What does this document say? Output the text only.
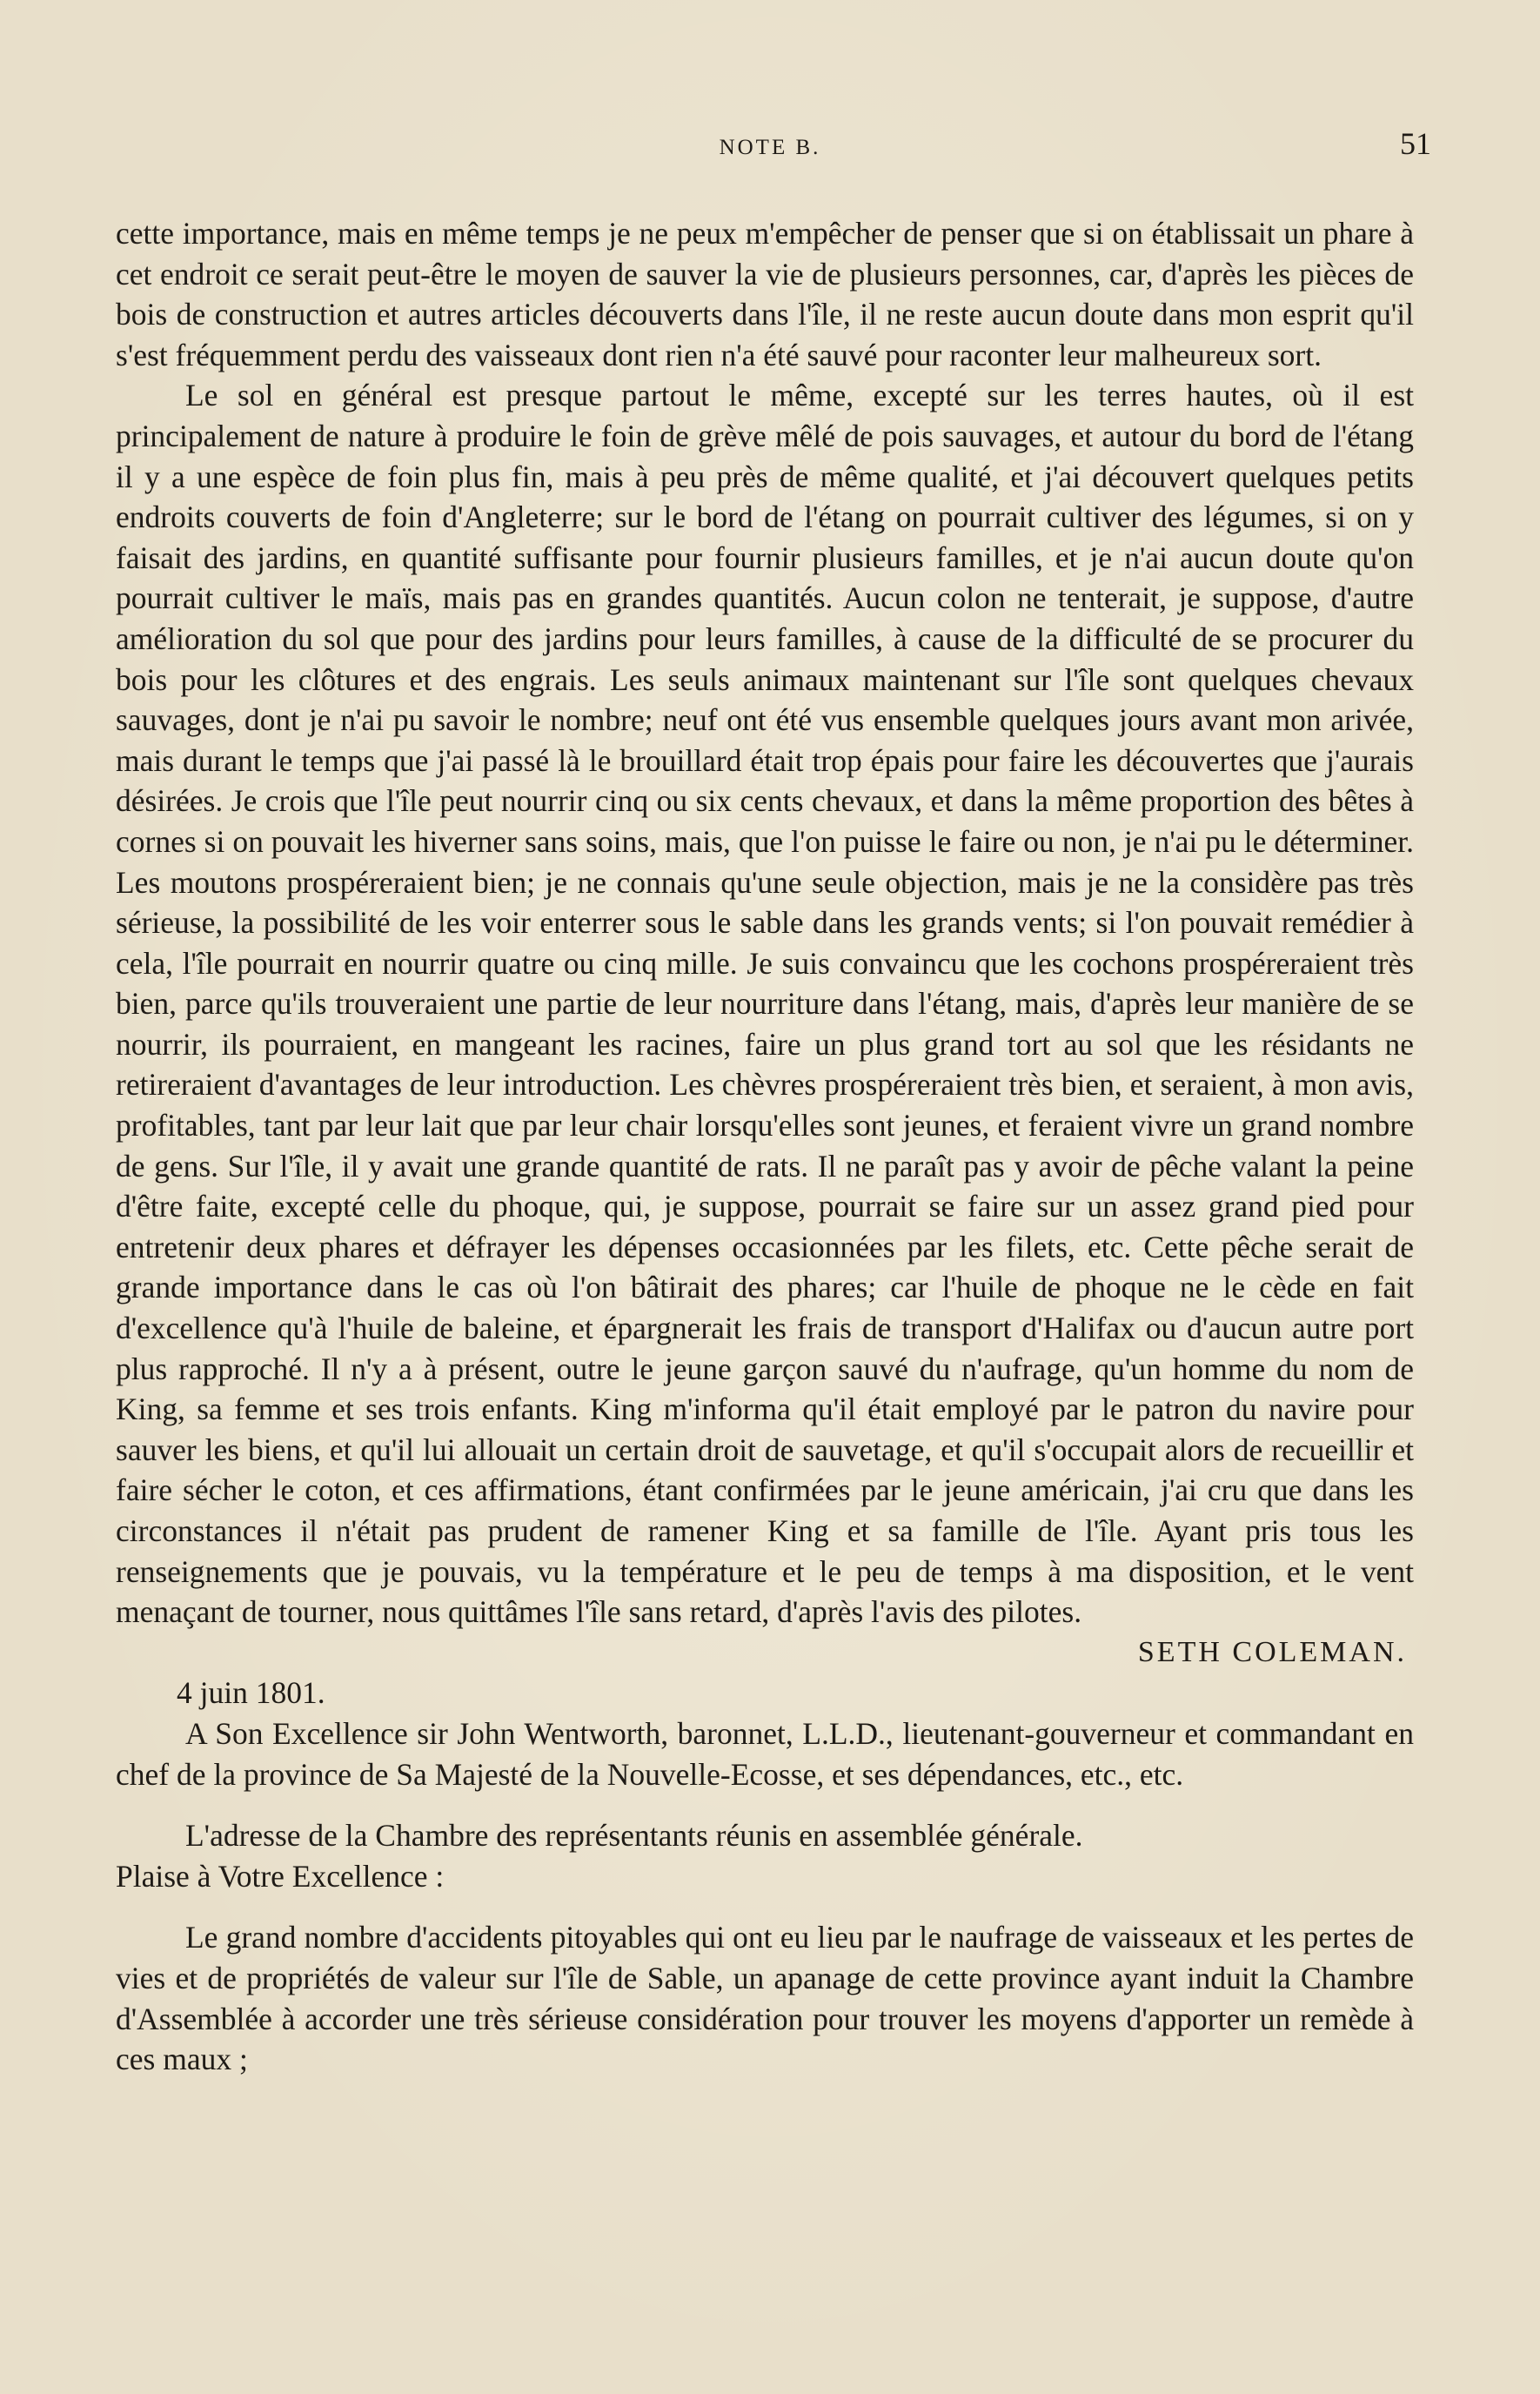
NOTE B.	51

cette importance, mais en même temps je ne peux m'empêcher de penser que si on établissait un phare à cet endroit ce serait peut-être le moyen de sauver la vie de plusieurs personnes, car, d'après les pièces de bois de construction et autres articles découverts dans l'île, il ne reste aucun doute dans mon esprit qu'il s'est fréquemment perdu des vaisseaux dont rien n'a été sauvé pour raconter leur malheureux sort.

Le sol en général est presque partout le même, excepté sur les terres hautes, où il est principalement de nature à produire le foin de grève mêlé de pois sauvages, et autour du bord de l'étang il y a une espèce de foin plus fin, mais à peu près de même qualité, et j'ai découvert quelques petits endroits couverts de foin d'Angleterre; sur le bord de l'étang on pourrait cultiver des légumes, si on y faisait des jardins, en quantité suffisante pour fournir plusieurs familles, et je n'ai aucun doute qu'on pourrait cultiver le maïs, mais pas en grandes quantités. Aucun colon ne tenterait, je suppose, d'autre amélioration du sol que pour des jardins pour leurs familles, à cause de la difficulté de se procurer du bois pour les clôtures et des engrais. Les seuls animaux maintenant sur l'île sont quelques chevaux sauvages, dont je n'ai pu savoir le nombre; neuf ont été vus ensemble quelques jours avant mon arivée, mais durant le temps que j'ai passé là le brouillard était trop épais pour faire les découvertes que j'aurais désirées. Je crois que l'île peut nourrir cinq ou six cents chevaux, et dans la même proportion des bêtes à cornes si on pouvait les hiverner sans soins, mais, que l'on puisse le faire ou non, je n'ai pu le déterminer. Les moutons prospéreraient bien; je ne connais qu'une seule objection, mais je ne la considère pas très sérieuse, la possibilité de les voir enterrer sous le sable dans les grands vents; si l'on pouvait remédier à cela, l'île pourrait en nourrir quatre ou cinq mille. Je suis convaincu que les cochons prospéreraient très bien, parce qu'ils trouveraient une partie de leur nourriture dans l'étang, mais, d'après leur manière de se nourrir, ils pourraient, en mangeant les racines, faire un plus grand tort au sol que les résidants ne retireraient d'avantages de leur introduction. Les chèvres prospéreraient très bien, et seraient, à mon avis, profitables, tant par leur lait que par leur chair lorsqu'elles sont jeunes, et feraient vivre un grand nombre de gens. Sur l'île, il y avait une grande quantité de rats. Il ne paraît pas y avoir de pêche valant la peine d'être faite, excepté celle du phoque, qui, je suppose, pourrait se faire sur un assez grand pied pour entretenir deux phares et défrayer les dépenses occasionnées par les filets, etc. Cette pêche serait de grande importance dans le cas où l'on bâtirait des phares; car l'huile de phoque ne le cède en fait d'excellence qu'à l'huile de baleine, et épargnerait les frais de transport d'Halifax ou d'aucun autre port plus rapproché. Il n'y a à présent, outre le jeune garçon sauvé du n'aufrage, qu'un homme du nom de King, sa femme et ses trois enfants. King m'informa qu'il était employé par le patron du navire pour sauver les biens, et qu'il lui allouait un certain droit de sauvetage, et qu'il s'occupait alors de recueillir et faire sécher le coton, et ces affirmations, étant confirmées par le jeune américain, j'ai cru que dans les circonstances il n'était pas prudent de ramener King et sa famille de l'île. Ayant pris tous les renseignements que je pouvais, vu la température et le peu de temps à ma disposition, et le vent menaçant de tourner, nous quittâmes l'île sans retard, d'après l'avis des pilotes.

SETH COLEMAN.

4 juin 1801.

A Son Excellence sir John Wentworth, baronnet, L.L.D., lieutenant-gouverneur et commandant en chef de la province de Sa Majesté de la Nouvelle-Ecosse, et ses dépendances, etc., etc.

L'adresse de la Chambre des représentants réunis en assemblée générale.

Plaise à Votre Excellence :

Le grand nombre d'accidents pitoyables qui ont eu lieu par le naufrage de vaisseaux et les pertes de vies et de propriétés de valeur sur l'île de Sable, un apanage de cette province ayant induit la Chambre d'Assemblée à accorder une très sérieuse considération pour trouver les moyens d'apporter un remède à ces maux ;
